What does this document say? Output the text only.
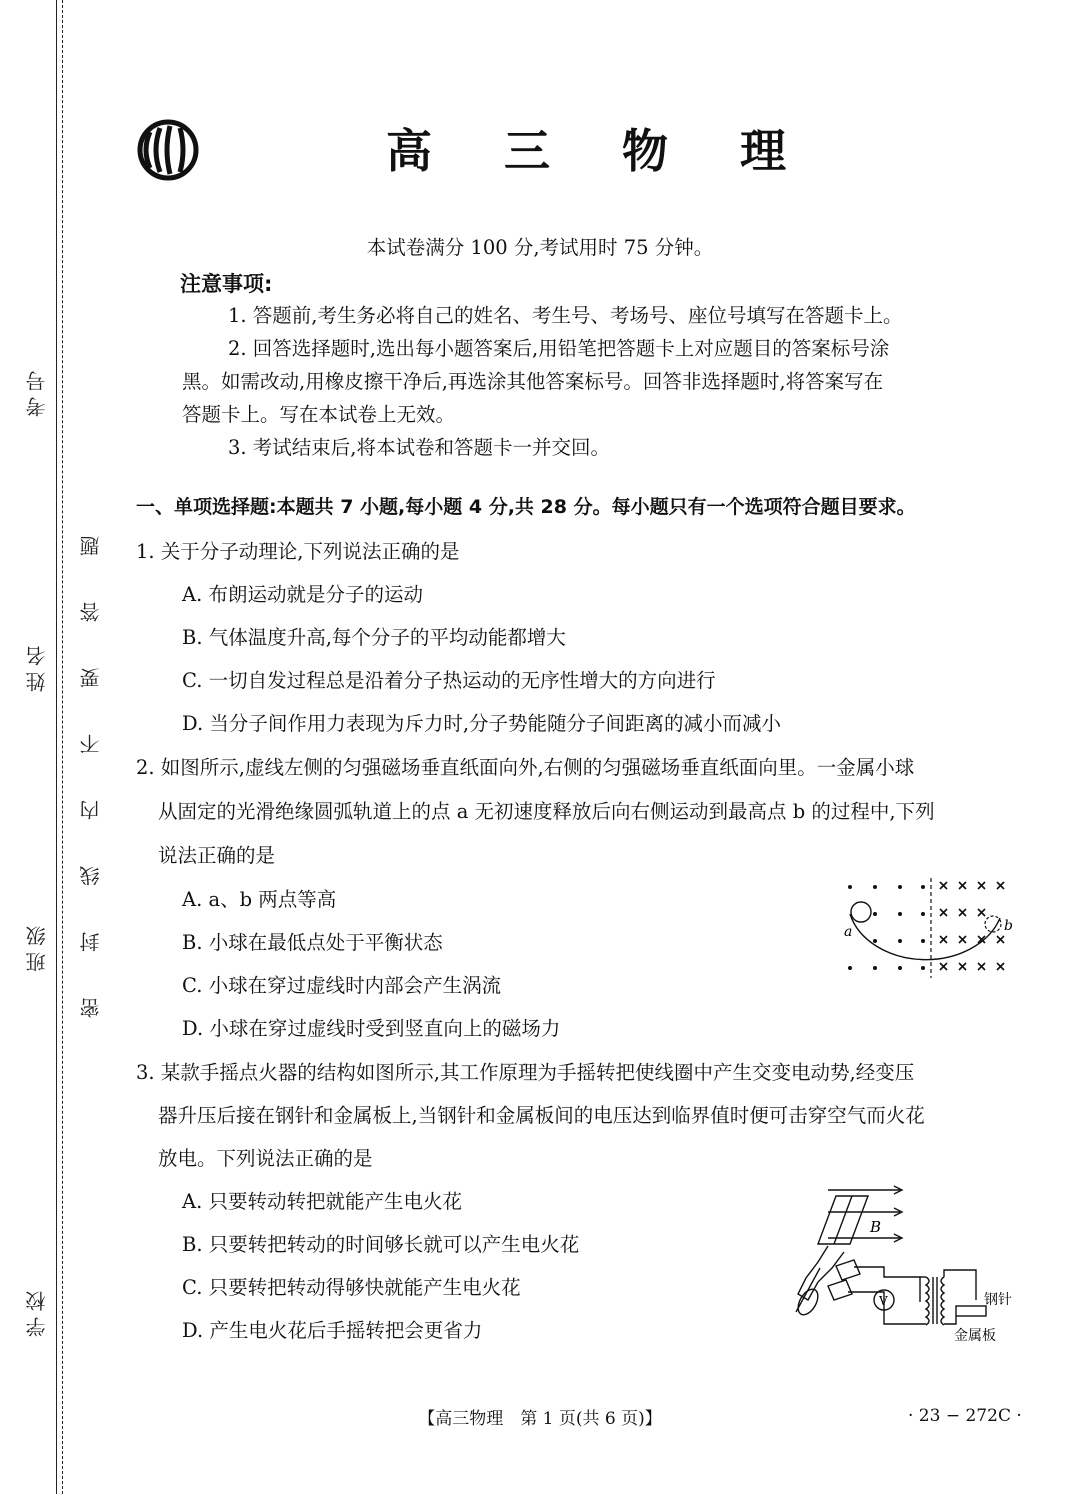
考号
姓名
班级
学校
密封线内不要答题
高 三 物 理
本试卷满分 100 分,考试用时 75 分钟。
注意事项:
1. 答题前,考生务必将自己的姓名、考生号、考场号、座位号填写在答题卡上。
2. 回答选择题时,选出每小题答案后,用铅笔把答题卡上对应题目的答案标号涂
黑。如需改动,用橡皮擦干净后,再选涂其他答案标号。回答非选择题时,将答案写在
答题卡上。写在本试卷上无效。
3. 考试结束后,将本试卷和答题卡一并交回。
一、单项选择题:本题共 7 小题,每小题 4 分,共 28 分。每小题只有一个选项符合题目要求。
1. 关于分子动理论,下列说法正确的是
A. 布朗运动就是分子的运动
B. 气体温度升高,每个分子的平均动能都增大
C. 一切自发过程总是沿着分子热运动的无序性增大的方向进行
D. 当分子间作用力表现为斥力时,分子势能随分子间距离的减小而减小
2. 如图所示,虚线左侧的匀强磁场垂直纸面向外,右侧的匀强磁场垂直纸面向里。一金属小球
从固定的光滑绝缘圆弧轨道上的点 a 无初速度释放后向右侧运动到最高点 b 的过程中,下列
说法正确的是
A. a、b 两点等高
B. 小球在最低点处于平衡状态
C. 小球在穿过虚线时内部会产生涡流
D. 小球在穿过虚线时受到竖直向上的磁场力
a	b
3. 某款手摇点火器的结构如图所示,其工作原理为手摇转把使线圈中产生交变电动势,经变压
器升压后接在钢针和金属板上,当钢针和金属板间的电压达到临界值时便可击穿空气而火花
放电。下列说法正确的是
A. 只要转动转把就能产生电火花
B. 只要转把转动的时间够长就可以产生电火花
C. 只要转把转动得够快就能产生电火花
D. 产生电火花后手摇转把会更省力
B
V	钢针
金属板
【高三物理　第 1 页(共 6 页)】	· 23 − 272C ·
